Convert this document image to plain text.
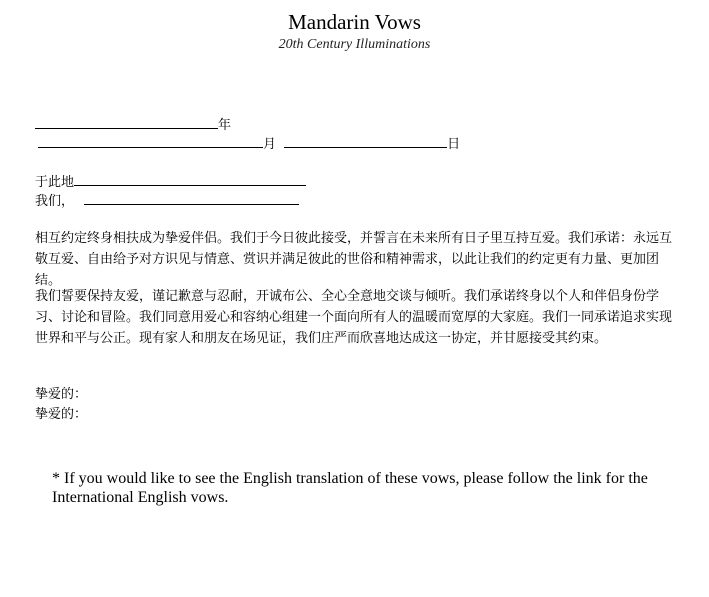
Mandarin Vows
20th Century Illuminations
年
月	日
于此地
我们，
相互约定终身相扶成为挚爱伴侣。我们于今日彼此接受，并誓言在未来所有日子里互持互爱。我们承诺：永远互敬互爱、自由给予对方识见与情意、赏识并满足彼此的世俗和精神需求，以此让我们的约定更有力量、更加团结。
我们誓要保持友爱，谨记歉意与忍耐，开诚布公、全心全意地交谈与倾听。我们承诺终身以个人和伴侣身份学习、讨论和冒险。我们同意用爱心和容纳心组建一个面向所有人的温暖而宽厚的大家庭。我们一同承诺追求实现世界和平与公正。现有家人和朋友在场见证，我们庄严而欣喜地达成这一协定，并甘愿接受其约束。
挚爱的：
挚爱的：
* If you would like to see the English translation of these vows, please follow the link for the International English vows.
